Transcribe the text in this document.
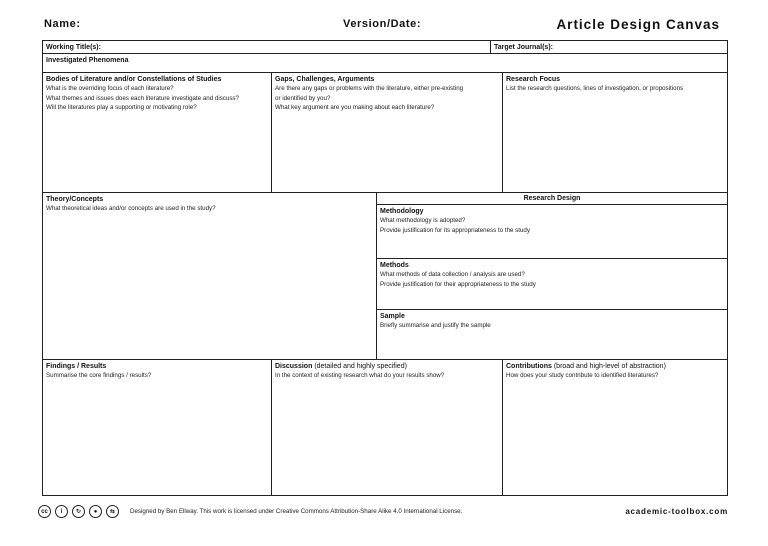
Name:	Version/Date:	Article Design Canvas
Working Title(s):	Target Journal(s):
Investigated Phenomena
Bodies of Literature and/or Constellations of Studies
What is the overriding focus of each literature?
What themes and issues does each literature investigate and discuss?
Will the literatures play a supporting or motivating role?
Gaps, Challenges, Arguments
Are there any gaps or problems with the literature, either pre-existing
or identified by you?
What key argument are you making about each literature?
Research Focus
List the research questions, lines of investigation, or propositions
Theory/Concepts
What theoretical ideas and/or concepts are used in the study?
Research Design
Methodology
What methodology is adopted?
Provide justification for its appropriateness to the study
Methods
What methods of data collection / analysis are used?
Provide justification for their appropriateness to the study
Sample
Briefly summarise and justify the sample
Findings / Results
Summarise the core findings / results?
Discussion (detailed and highly specified)
In the context of existing research what do your results show?
Contributions (broad and high-level of abstraction)
How does your study contribute to identified literatures?
cc	i	↻	●	⇆	Designed by Ben Ellway. This work is licensed under Creative Commons Attribution-Share Alike 4.0 International License.	academic-toolbox.com
